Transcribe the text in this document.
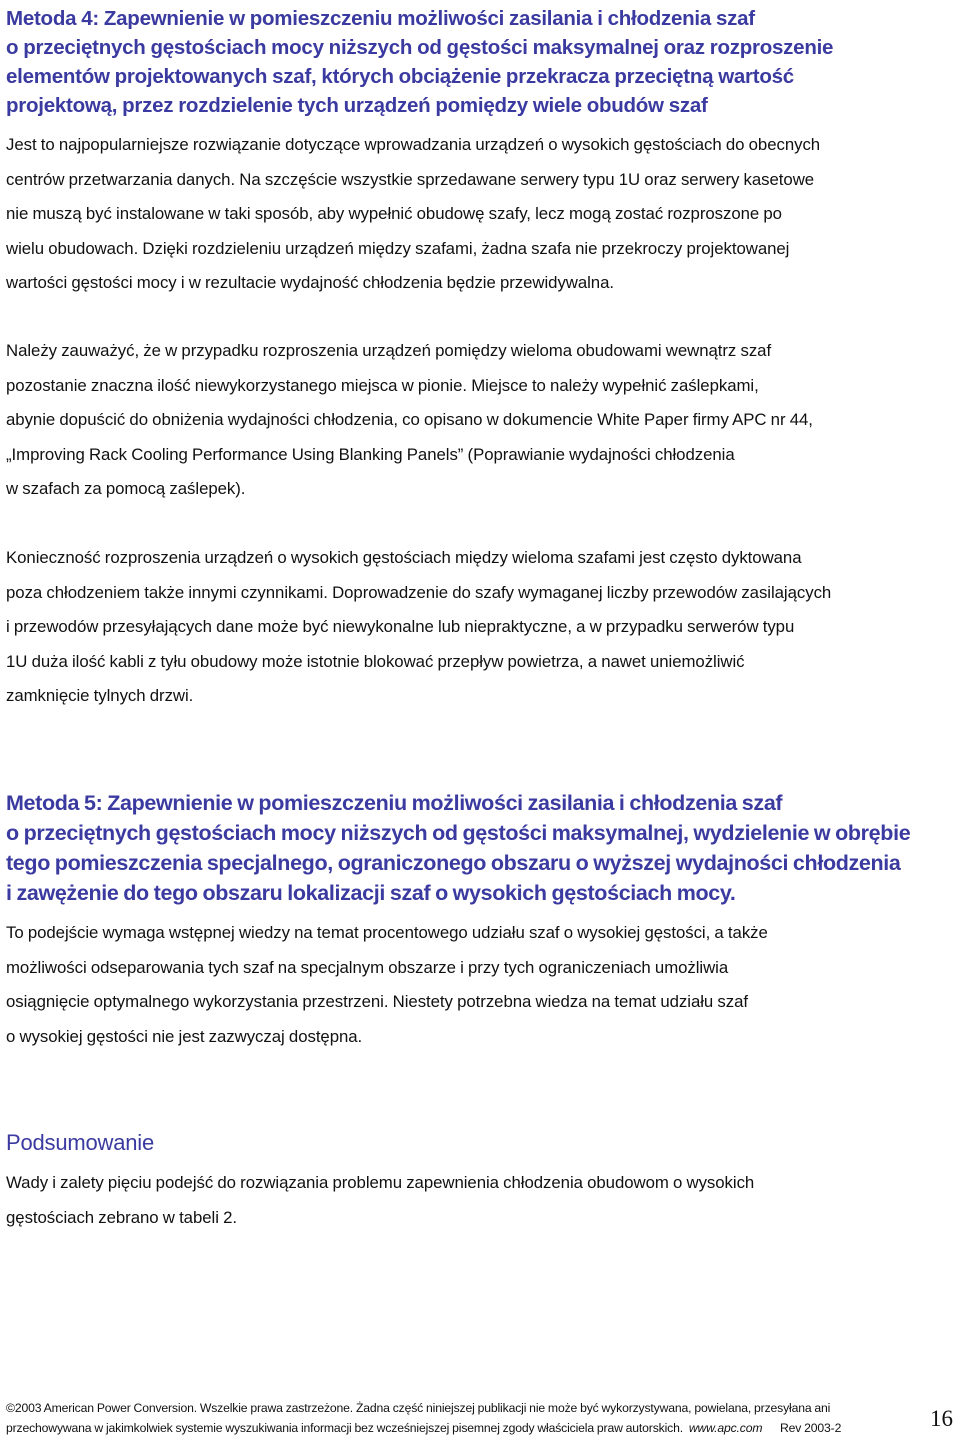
Metoda 4: Zapewnienie w pomieszczeniu możliwości zasilania i chłodzenia szaf
o przeciętnych gęstościach mocy niższych od gęstości maksymalnej oraz rozproszenie
elementów projektowanych szaf, których obciążenie przekracza przeciętną wartość
projektową, przez rozdzielenie tych urządzeń pomiędzy wiele obudów szaf

Jest to najpopularniejsze rozwiązanie dotyczące wprowadzania urządzeń o wysokich gęstościach do obecnych
centrów przetwarzania danych. Na szczęście wszystkie sprzedawane serwery typu 1U oraz serwery kasetowe
nie muszą być instalowane w taki sposób, aby wypełnić obudowę szafy, lecz mogą zostać rozproszone po
wielu obudowach. Dzięki rozdzieleniu urządzeń między szafami, żadna szafa nie przekroczy projektowanej
wartości gęstości mocy i w rezultacie wydajność chłodzenia będzie przewidywalna.

Należy zauważyć, że w przypadku rozproszenia urządzeń pomiędzy wieloma obudowami wewnątrz szaf
pozostanie znaczna ilość niewykorzystanego miejsca w pionie. Miejsce to należy wypełnić zaślepkami,
abynie dopuścić do obniżenia wydajności chłodzenia, co opisano w dokumencie White Paper firmy APC nr 44,
„Improving Rack Cooling Performance Using Blanking Panels” (Poprawianie wydajności chłodzenia
w szafach za pomocą zaślepek).

Konieczność rozproszenia urządzeń o wysokich gęstościach między wieloma szafami jest często dyktowana
poza chłodzeniem także innymi czynnikami. Doprowadzenie do szafy wymaganej liczby przewodów zasilających
i przewodów przesyłających dane może być niewykonalne lub niepraktyczne, a w przypadku serwerów typu
1U duża ilość kabli z tyłu obudowy może istotnie blokować przepływ powietrza, a nawet uniemożliwić
zamknięcie tylnych drzwi.

Metoda 5: Zapewnienie w pomieszczeniu możliwości zasilania i chłodzenia szaf
o przeciętnych gęstościach mocy niższych od gęstości maksymalnej, wydzielenie w obrębie
tego pomieszczenia specjalnego, ograniczonego obszaru o wyższej wydajności chłodzenia
i zawężenie do tego obszaru lokalizacji szaf o wysokich gęstościach mocy.

To podejście wymaga wstępnej wiedzy na temat procentowego udziału szaf o wysokiej gęstości, a także
możliwości odseparowania tych szaf na specjalnym obszarze i przy tych ograniczeniach umożliwia
osiągnięcie optymalnego wykorzystania przestrzeni. Niestety potrzebna wiedza na temat udziału szaf
o wysokiej gęstości nie jest zazwyczaj dostępna.

Podsumowanie

Wady i zalety pięciu podejść do rozwiązania problemu zapewnienia chłodzenia obudowom o wysokich
gęstościach zebrano w tabeli 2.

©2003 American Power Conversion. Wszelkie prawa zastrzeżone. Żadna część niniejszej publikacji nie może być wykorzystywana, powielana, przesyłana ani
przechowywana w jakimkolwiek systemie wyszukiwania informacji bez wcześniejszej pisemnej zgody właściciela praw autorskich. www.apc.com Rev 2003-2	16
